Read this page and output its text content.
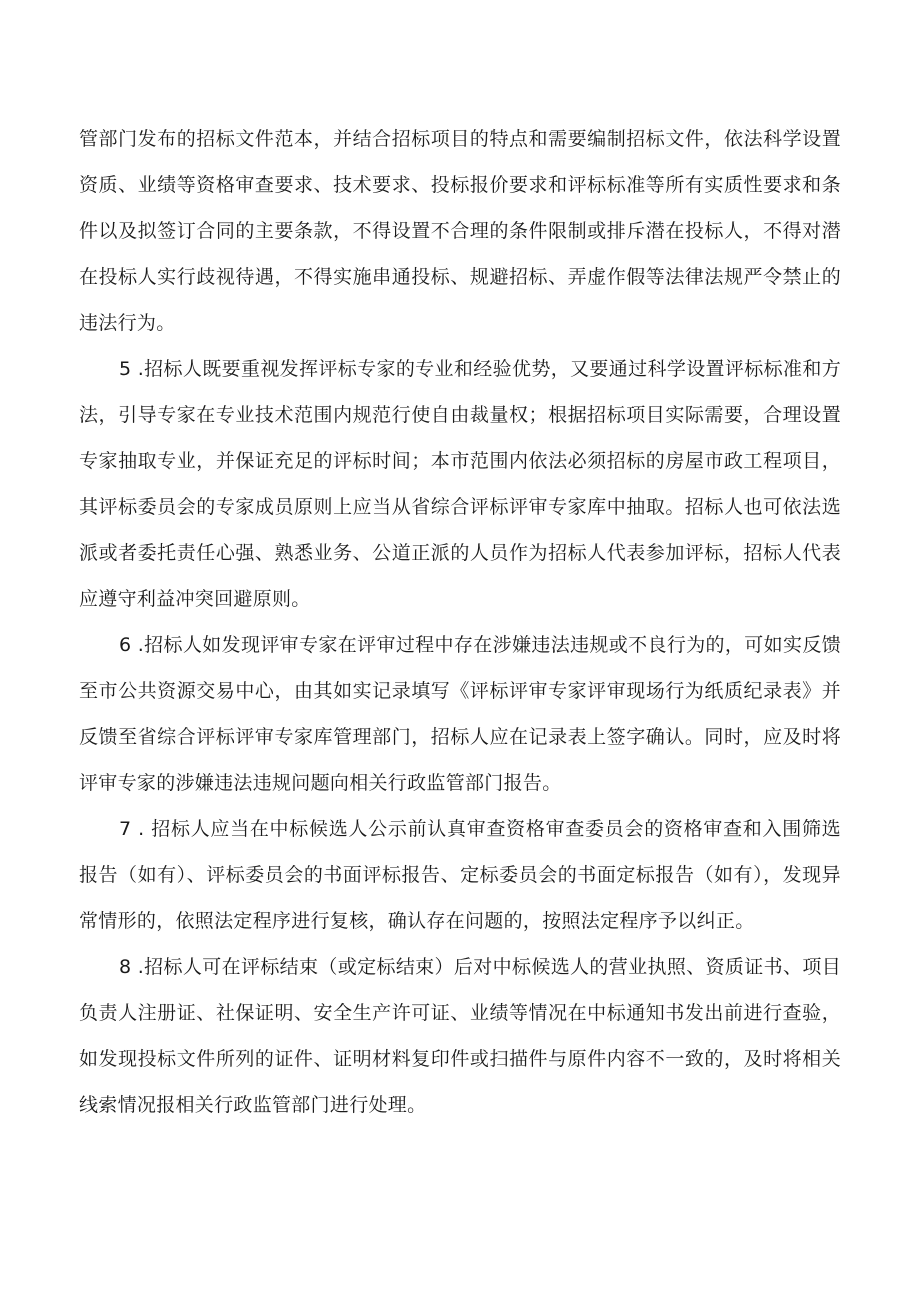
管部门发布的招标文件范本，并结合招标项目的特点和需要编制招标文件，依法科学设置资质、业绩等资格审查要求、技术要求、投标报价要求和评标标准等所有实质性要求和条件以及拟签订合同的主要条款，不得设置不合理的条件限制或排斥潜在投标人，不得对潜在投标人实行歧视待遇，不得实施串通投标、规避招标、弄虚作假等法律法规严令禁止的违法行为。

5 .招标人既要重视发挥评标专家的专业和经验优势，又要通过科学设置评标标准和方法，引导专家在专业技术范围内规范行使自由裁量权；根据招标项目实际需要，合理设置专家抽取专业，并保证充足的评标时间；本市范围内依法必须招标的房屋市政工程项目，其评标委员会的专家成员原则上应当从省综合评标评审专家库中抽取。招标人也可依法选派或者委托责任心强、熟悉业务、公道正派的人员作为招标人代表参加评标，招标人代表应遵守利益冲突回避原则。

6 .招标人如发现评审专家在评审过程中存在涉嫌违法违规或不良行为的，可如实反馈至市公共资源交易中心，由其如实记录填写《评标评审专家评审现场行为纸质纪录表》并反馈至省综合评标评审专家库管理部门，招标人应在记录表上签字确认。同时，应及时将评审专家的涉嫌违法违规问题向相关行政监管部门报告。

7 . 招标人应当在中标候选人公示前认真审查资格审查委员会的资格审查和入围筛选报告（如有）、评标委员会的书面评标报告、定标委员会的书面定标报告（如有），发现异常情形的，依照法定程序进行复核，确认存在问题的，按照法定程序予以纠正。

8 .招标人可在评标结束（或定标结束）后对中标候选人的营业执照、资质证书、项目负责人注册证、社保证明、安全生产许可证、业绩等情况在中标通知书发出前进行查验，如发现投标文件所列的证件、证明材料复印件或扫描件与原件内容不一致的，及时将相关线索情况报相关行政监管部门进行处理。
